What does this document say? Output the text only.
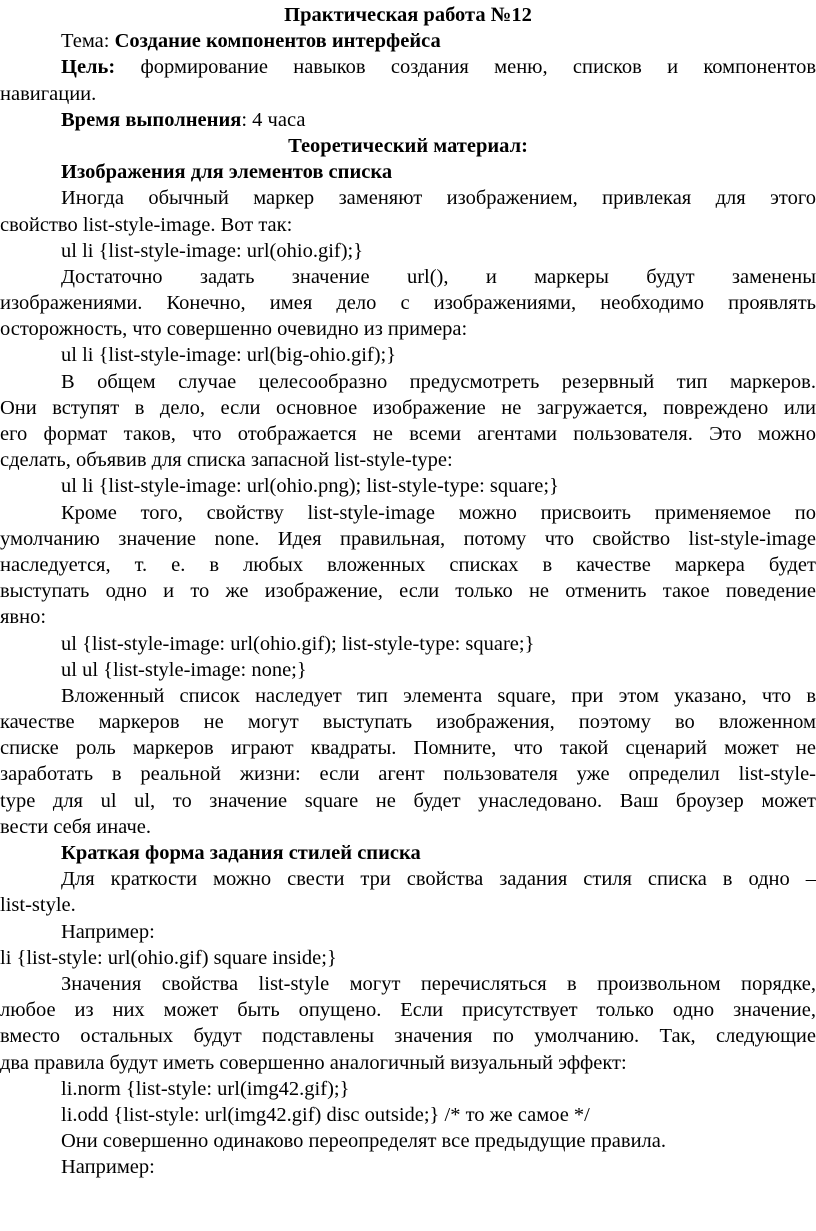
Практическая работа №12
Тема: Создание компонентов интерфейса
Цель: формирование навыков создания меню, списков и компонентов
навигации.
Время выполнения: 4 часа
Теоретический материал:
Изображения для элементов списка
Иногда обычный маркер заменяют изображением, привлекая для этого
свойство list-style-image. Вот так:
ul li {list-style-image: url(ohio.gif);}
Достаточно задать значение url(), и маркеры будут заменены
изображениями. Конечно, имея дело с изображениями, необходимо проявлять
осторожность, что совершенно очевидно из примера:
ul li {list-style-image: url(big-ohio.gif);}
В общем случае целесообразно предусмотреть резервный тип маркеров.
Они вступят в дело, если основное изображение не загружается, повреждено или
его формат таков, что отображается не всеми агентами пользователя. Это можно
сделать, объявив для списка запасной list-style-type:
ul li {list-style-image: url(ohio.png); list-style-type: square;}
Кроме того, свойству list-style-image можно присвоить применяемое по
умолчанию значение none. Идея правильная, потому что свойство list-style-image
наследуется, т. е. в любых вложенных списках в качестве маркера будет
выступать одно и то же изображение, если только не отменить такое поведение
явно:
ul {list-style-image: url(ohio.gif); list-style-type: square;}
ul ul {list-style-image: none;}
Вложенный список наследует тип элемента square, при этом указано, что в
качестве маркеров не могут выступать изображения, поэтому во вложенном
списке роль маркеров играют квадраты. Помните, что такой сценарий может не
заработать в реальной жизни: если агент пользователя уже определил list-style-
type для ul ul, то значение square не будет унаследовано. Ваш броузер может
вести себя иначе.
Краткая форма задания стилей списка
Для краткости можно свести три свойства задания стиля списка в одно –
list-style.
Например:
li {list-style: url(ohio.gif) square inside;}
Значения свойства list-style могут перечисляться в произвольном порядке,
любое из них может быть опущено. Если присутствует только одно значение,
вместо остальных будут подставлены значения по умолчанию. Так, следующие
два правила будут иметь совершенно аналогичный визуальный эффект:
li.norm {list-style: url(img42.gif);}
li.odd {list-style: url(img42.gif) disc outside;} /* то же самое */
Они совершенно одинаково переопределят все предыдущие правила.
Например:
